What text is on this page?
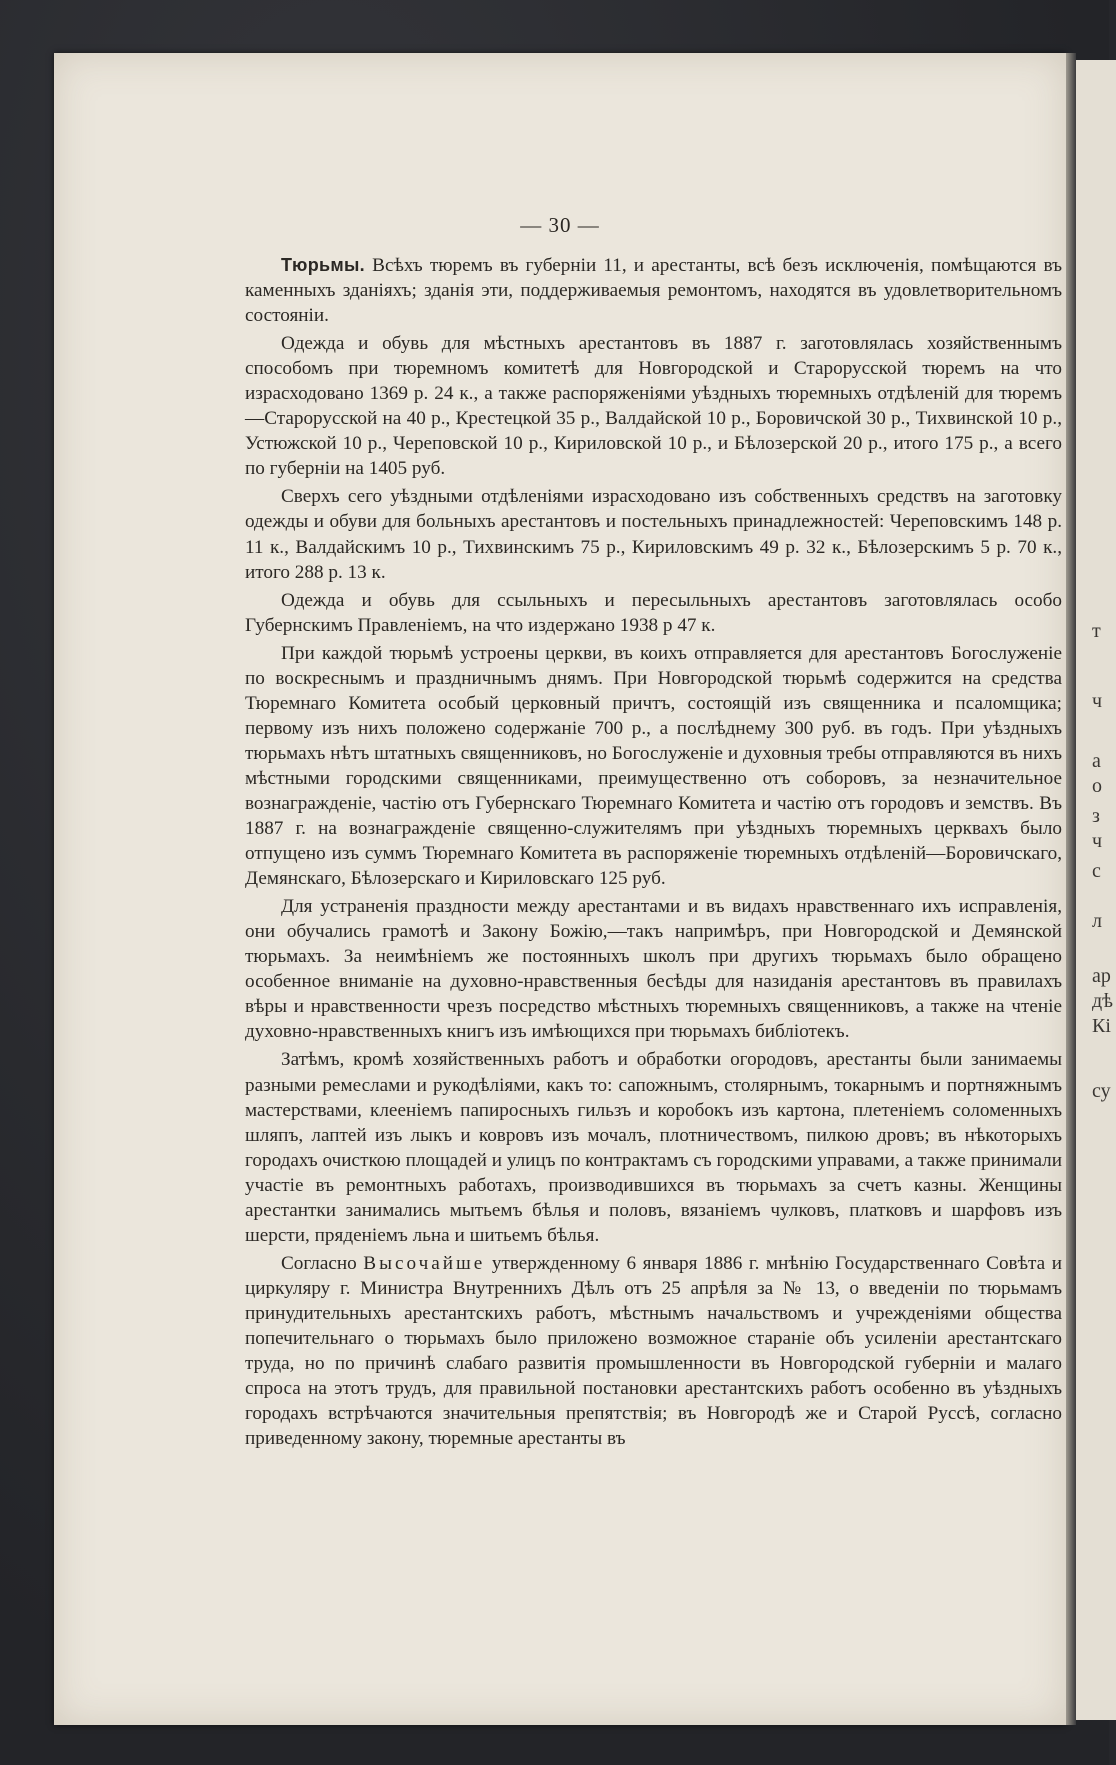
— 30 —

Тюрьмы. Всѣхъ тюремъ въ губерніи 11, и арестанты, всѣ безъ исключенія, помѣщаются въ каменныхъ зданіяхъ; зданія эти, поддерживаемыя ремонтомъ, находятся въ удовлетворительномъ состояніи.

Одежда и обувь для мѣстныхъ арестантовъ въ 1887 г. заготовлялась хозяйственнымъ способомъ при тюремномъ комитетѣ для Новгородской и Старорусской тюремъ на что израсходовано 1369 р. 24 к., а также распоряженіями уѣздныхъ тюремныхъ отдѣленій для тюремъ—Старорусской на 40 р., Крестецкой 35 р., Валдайской 10 р., Боровичской 30 р., Тихвинской 10 р., Устюжской 10 р., Череповской 10 р., Кириловской 10 р., и Бѣлозерской 20 р., итого 175 р., а всего по губерніи на 1405 руб.

Сверхъ сего уѣздными отдѣленіями израсходовано изъ собственныхъ средствъ на заготовку одежды и обуви для больныхъ арестантовъ и постельныхъ принадлежностей: Череповскимъ 148 р. 11 к., Валдайскимъ 10 р., Тихвинскимъ 75 р., Кириловскимъ 49 р. 32 к., Бѣлозерскимъ 5 р. 70 к., итого 288 р. 13 к.

Одежда и обувь для ссыльныхъ и пересыльныхъ арестантовъ заготовлялась особо Губернскимъ Правленіемъ, на что издержано 1938 р 47 к.

При каждой тюрьмѣ устроены церкви, въ коихъ отправляется для арестантовъ Богослуженіе по воскреснымъ и праздничнымъ днямъ. При Новгородской тюрьмѣ содержится на средства Тюремнаго Комитета особый церковный причтъ, состоящій изъ священника и псаломщика; первому изъ нихъ положено содержаніе 700 р., а послѣднему 300 руб. въ годъ. При уѣздныхъ тюрьмахъ нѣтъ штатныхъ священниковъ, но Богослуженіе и духовныя требы отправляются въ нихъ мѣстными городскими священниками, преимущественно отъ соборовъ, за незначительное вознагражденіе, частію отъ Губернскаго Тюремнаго Комитета и частію отъ городовъ и земствъ. Въ 1887 г. на вознагражденіе священно-служителямъ при уѣздныхъ тюремныхъ церквахъ было отпущено изъ суммъ Тюремнаго Комитета въ распоряженіе тюремныхъ отдѣленій—Боровичскаго, Демянскаго, Бѣлозерскаго и Кириловскаго 125 руб.

Для устраненія праздности между арестантами и въ видахъ нравственнаго ихъ исправленія, они обучались грамотѣ и Закону Божію,—такъ напримѣръ, при Новгородской и Демянской тюрьмахъ. За неимѣніемъ же постоянныхъ школъ при другихъ тюрьмахъ было обращено особенное вниманіе на духовно-нравственныя бесѣды для назиданія арестантовъ въ правилахъ вѣры и нравственности чрезъ посредство мѣстныхъ тюремныхъ священниковъ, а также на чтеніе духовно-нравственныхъ книгъ изъ имѣющихся при тюрьмахъ библіотекъ.

Затѣмъ, кромѣ хозяйственныхъ работъ и обработки огородовъ, арестанты были занимаемы разными ремеслами и рукодѣліями, какъ то: сапожнымъ, столярнымъ, токарнымъ и портняжнымъ мастерствами, клееніемъ папиросныхъ гильзъ и коробокъ изъ картона, плетеніемъ соломенныхъ шляпъ, лаптей изъ лыкъ и ковровъ изъ мочалъ, плотничествомъ, пилкою дровъ; въ нѣкоторыхъ городахъ очисткою площадей и улицъ по контрактамъ съ городскими управами, а также принимали участіе въ ремонтныхъ работахъ, производившихся въ тюрьмахъ за счетъ казны. Женщины арестантки занимались мытьемъ бѣлья и половъ, вязаніемъ чулковъ, платковъ и шарфовъ изъ шерсти, пряденіемъ льна и шитьемъ бѣлья.

Согласно Высочайше утвержденному 6 января 1886 г. мнѣнію Государственнаго Совѣта и циркуляру г. Министра Внутреннихъ Дѣлъ отъ 25 апрѣля за № 13, о введеніи по тюрьмамъ принудительныхъ арестантскихъ работъ, мѣстнымъ начальствомъ и учрежденіями общества попечительнаго о тюрьмахъ было приложено возможное стараніе объ усиленіи арестантскаго труда, но по причинѣ слабаго развитія промышленности въ Новгородской губерніи и малаго спроса на этотъ трудъ, для правильной постановки арестантскихъ работъ особенно въ уѣздныхъ городахъ встрѣчаются значительныя препятствія; въ Новгородѣ же и Старой Руссѣ, согласно приведенному закону, тюремные арестанты въ

т
ч
а
о
з
ч
с
л
ар
дѣ
Кі
су
